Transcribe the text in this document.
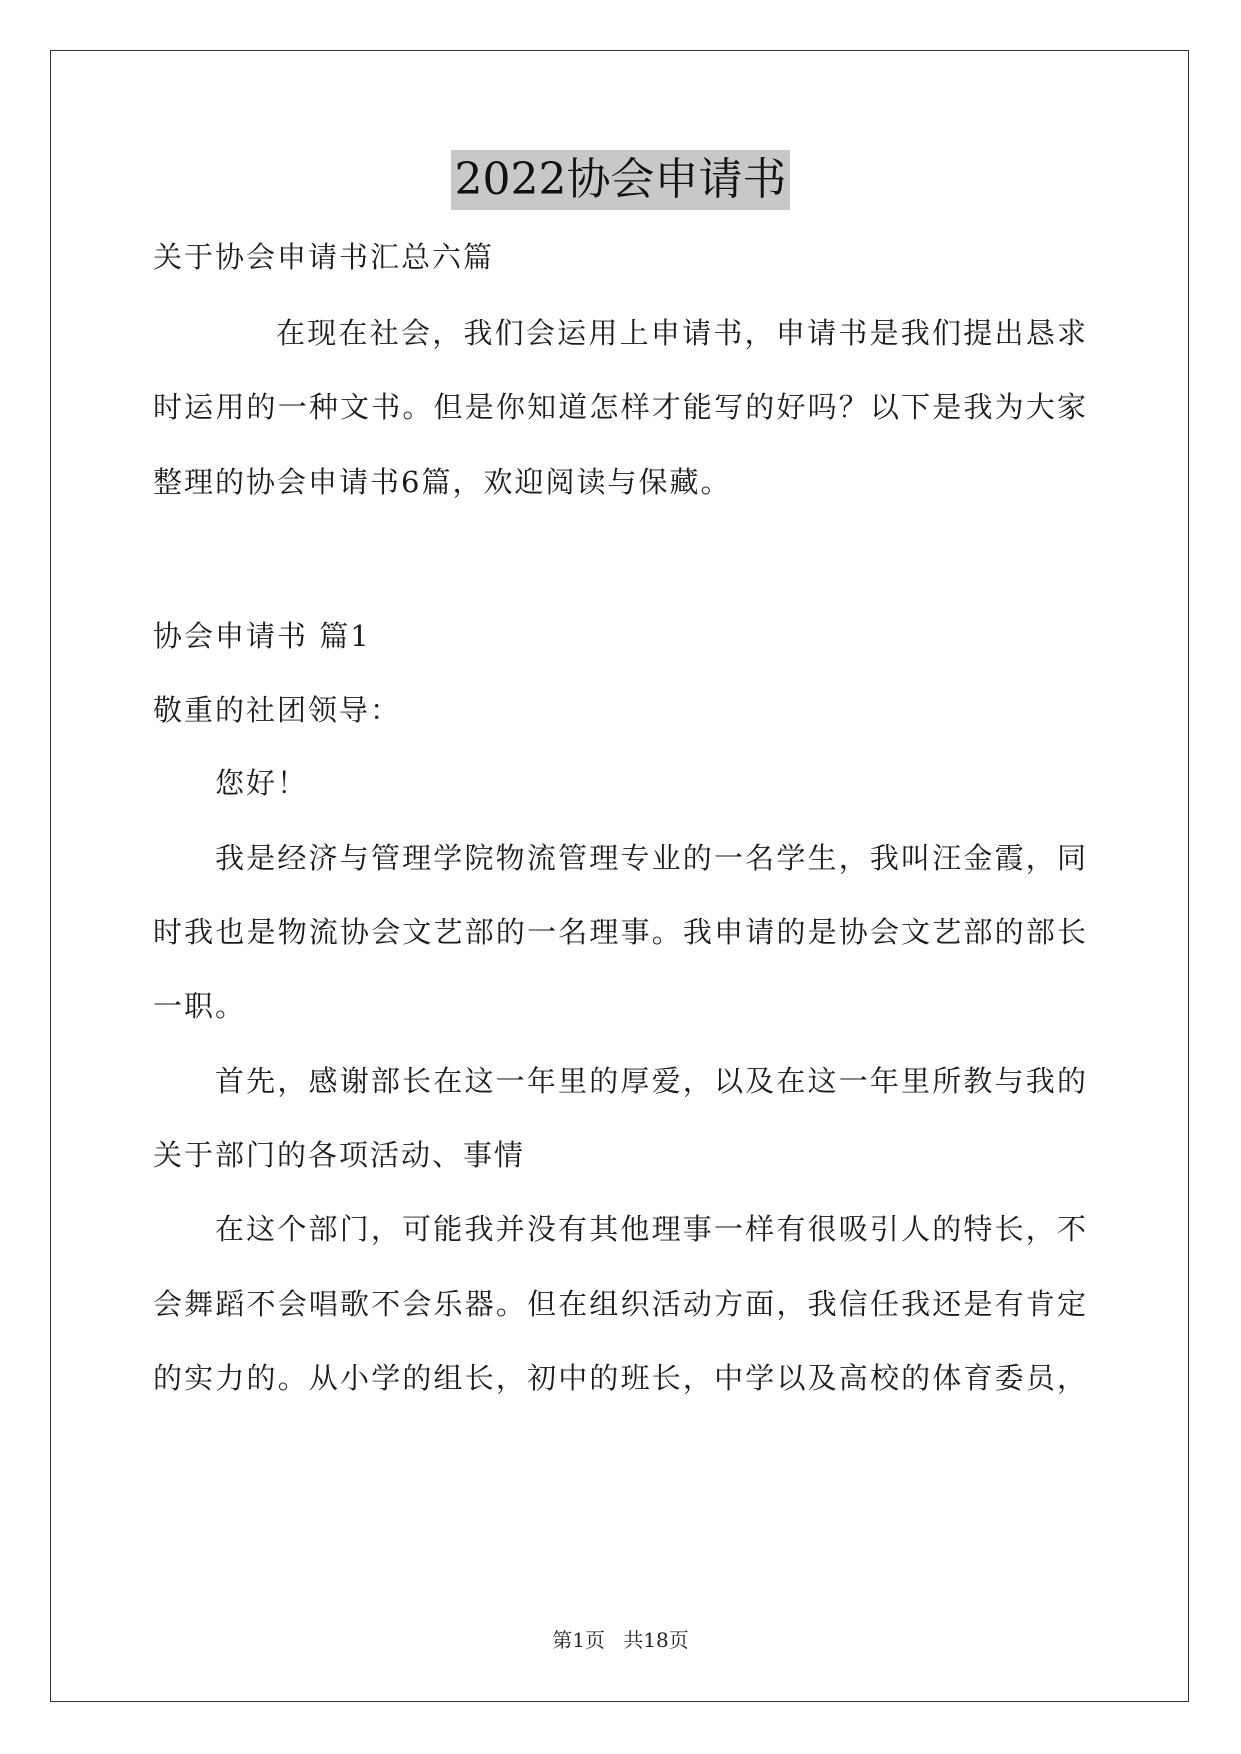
2022协会申请书
关于协会申请书汇总六篇
在现在社会，我们会运用上申请书，申请书是我们提出恳求
时运用的一种文书。但是你知道怎样才能写的好吗？以下是我为大家
整理的协会申请书6篇，欢迎阅读与保藏。
协会申请书 篇1
敬重的社团领导：
您好！
我是经济与管理学院物流管理专业的一名学生，我叫汪金霞，同
时我也是物流协会文艺部的一名理事。我申请的是协会文艺部的部长
一职。
首先，感谢部长在这一年里的厚爱，以及在这一年里所教与我的
关于部门的各项活动、事情
在这个部门，可能我并没有其他理事一样有很吸引人的特长，不
会舞蹈不会唱歌不会乐器。但在组织活动方面，我信任我还是有肯定
的实力的。从小学的组长，初中的班长，中学以及高校的体育委员，
第1页 共18页
